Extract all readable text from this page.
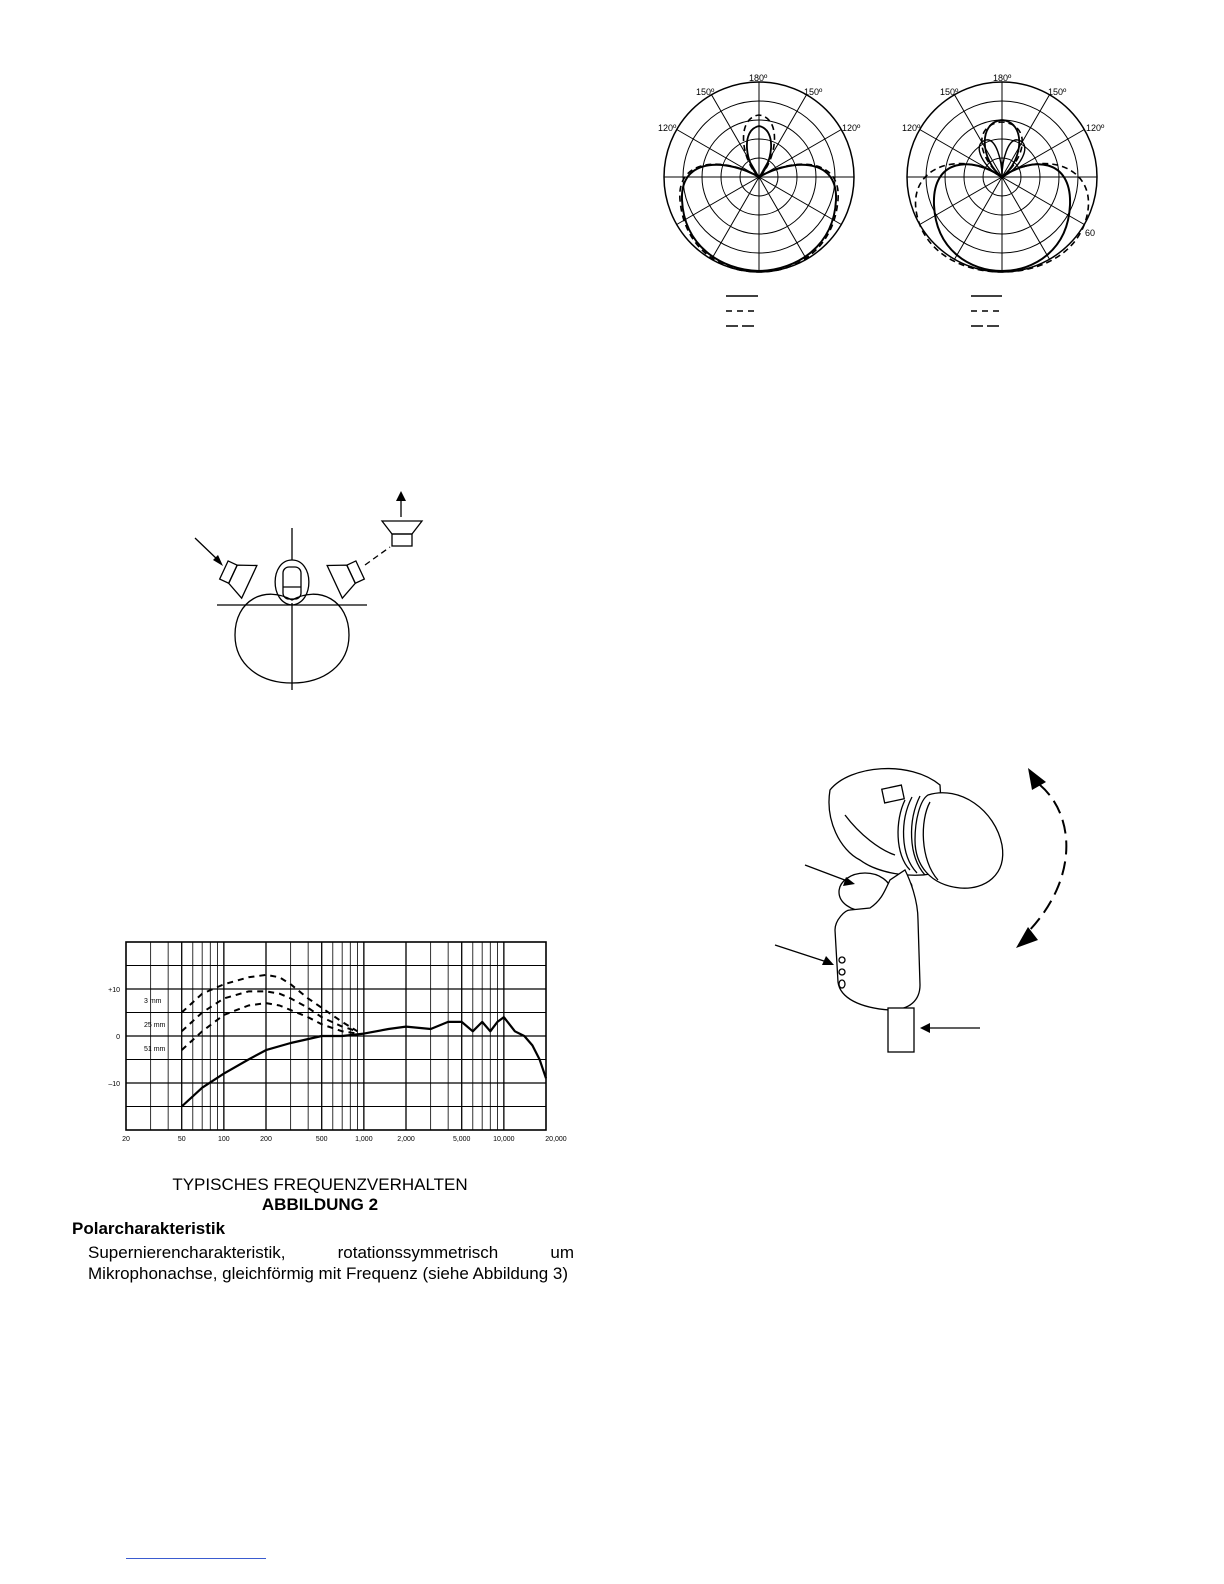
180º
150º	150º
120º	120º
180º
150º	150º
120º	120º
60
+10
0
–10
20	50	100	200	500	1,000	2,000	5,000	10,000	20,000
3 mm
25 mm
51 mm
TYPISCHES FREQUENZVERHALTEN
ABBILDUNG 2
Polarcharakteristik
Supernierencharakteristik, rotationssymmetrisch um Mikrophonachse, gleichförmig mit Frequenz (siehe Abbildung 3)
